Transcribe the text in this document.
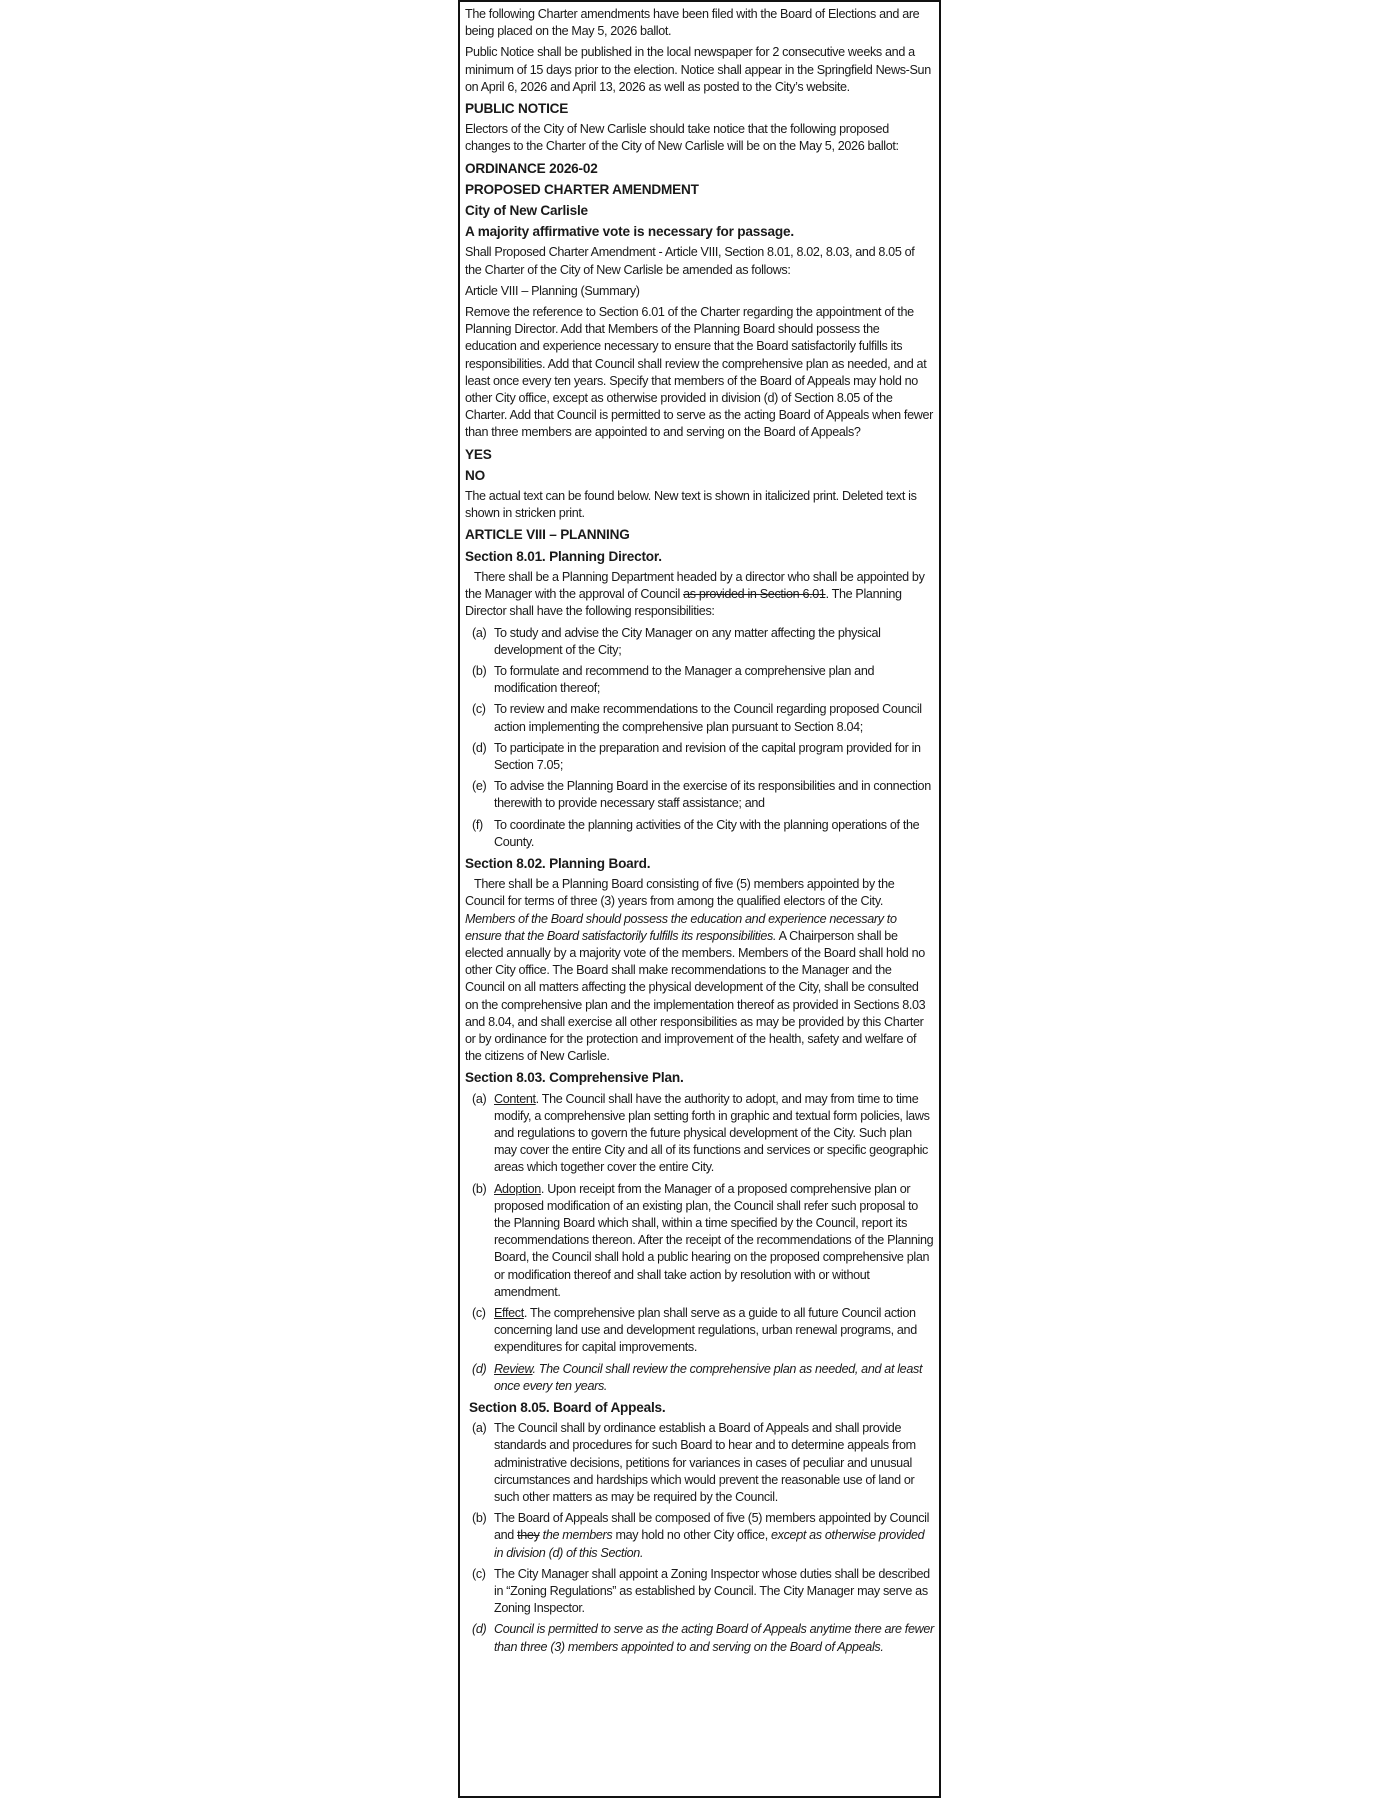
The following Charter amendments have been filed with the Board of Elections and are being placed on the May 5, 2026 ballot.

Public Notice shall be published in the local newspaper for 2 consecutive weeks and a minimum of 15 days prior to the election. Notice shall appear in the Springfield News-Sun on April 6, 2026 and April 13, 2026 as well as posted to the City’s website.

PUBLIC NOTICE

Electors of the City of New Carlisle should take notice that the following proposed changes to the Charter of the City of New Carlisle will be on the May 5, 2026 ballot:

ORDINANCE 2026-02
PROPOSED CHARTER AMENDMENT
City of New Carlisle
A majority affirmative vote is necessary for passage.

Shall Proposed Charter Amendment - Article VIII, Section 8.01, 8.02, 8.03, and 8.05 of the Charter of the City of New Carlisle be amended as follows:

Article VIII – Planning (Summary)

Remove the reference to Section 6.01 of the Charter regarding the appointment of the Planning Director. Add that Members of the Planning Board should possess the education and experience necessary to ensure that the Board satisfactorily fulfills its responsibilities. Add that Council shall review the comprehensive plan as needed, and at least once every ten years. Specify that members of the Board of Appeals may hold no other City office, except as otherwise provided in division (d) of Section 8.05 of the Charter. Add that Council is permitted to serve as the acting Board of Appeals when fewer than three members are appointed to and serving on the Board of Appeals?

YES
NO

The actual text can be found below. New text is shown in italicized print. Deleted text is shown in stricken print.

ARTICLE VIII – PLANNING
Section 8.01. Planning Director.

There shall be a Planning Department headed by a director who shall be appointed by the Manager with the approval of Council as provided in Section 6.01. The Planning Director shall have the following responsibilities:

(a) To study and advise the City Manager on any matter affecting the physical development of the City;
(b) To formulate and recommend to the Manager a comprehensive plan and modification thereof;
(c) To review and make recommendations to the Council regarding proposed Council action implementing the comprehensive plan pursuant to Section 8.04;
(d) To participate in the preparation and revision of the capital program provided for in Section 7.05;
(e) To advise the Planning Board in the exercise of its responsibilities and in connection therewith to provide necessary staff assistance; and
(f) To coordinate the planning activities of the City with the planning operations of the County.
Section 8.02. Planning Board.

There shall be a Planning Board consisting of five (5) members appointed by the Council for terms of three (3) years from among the qualified electors of the City. Members of the Board should possess the education and experience necessary to ensure that the Board satisfactorily fulfills its responsibilities. A Chairperson shall be elected annually by a majority vote of the members. Members of the Board shall hold no other City office. The Board shall make recommendations to the Manager and the Council on all matters affecting the physical development of the City, shall be consulted on the comprehensive plan and the implementation thereof as provided in Sections 8.03 and 8.04, and shall exercise all other responsibilities as may be provided by this Charter or by ordinance for the protection and improvement of the health, safety and welfare of the citizens of New Carlisle.

Section 8.03. Comprehensive Plan.
(a) Content. The Council shall have the authority to adopt, and may from time to time modify, a comprehensive plan setting forth in graphic and textual form policies, laws and regulations to govern the future physical development of the City. Such plan may cover the entire City and all of its functions and services or specific geographic areas which together cover the entire City.
(b) Adoption. Upon receipt from the Manager of a proposed comprehensive plan or proposed modification of an existing plan, the Council shall refer such proposal to the Planning Board which shall, within a time specified by the Council, report its recommendations thereon. After the receipt of the recommendations of the Planning Board, the Council shall hold a public hearing on the proposed comprehensive plan or modification thereof and shall take action by resolution with or without amendment.
(c) Effect. The comprehensive plan shall serve as a guide to all future Council action concerning land use and development regulations, urban renewal programs, and expenditures for capital improvements.
(d) Review. The Council shall review the comprehensive plan as needed, and at least once every ten years.
Section 8.05. Board of Appeals.
(a) The Council shall by ordinance establish a Board of Appeals and shall provide standards and procedures for such Board to hear and to determine appeals from administrative decisions, petitions for variances in cases of peculiar and unusual circumstances and hardships which would prevent the reasonable use of land or such other matters as may be required by the Council.
(b) The Board of Appeals shall be composed of five (5) members appointed by Council and they the members may hold no other City office, except as otherwise provided in division (d) of this Section.
(c) The City Manager shall appoint a Zoning Inspector whose duties shall be described in “Zoning Regulations” as established by Council. The City Manager may serve as Zoning Inspector.
(d) Council is permitted to serve as the acting Board of Appeals anytime there are fewer than three (3) members appointed to and serving on the Board of Appeals.
